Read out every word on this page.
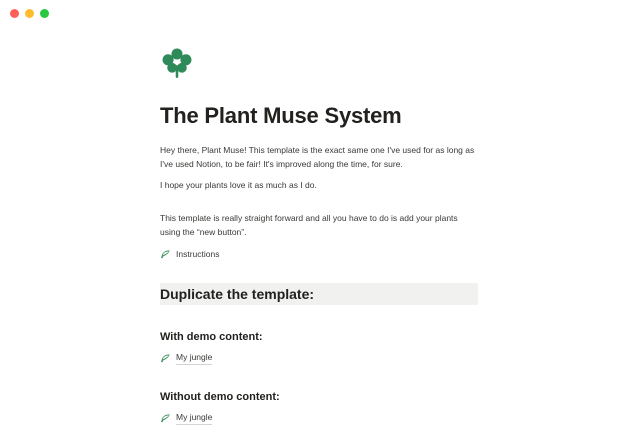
The Plant Muse System

Hey there, Plant Muse! This template is the exact same one I've used for as long as I've used Notion, to be fair! It's improved along the time, for sure.

I hope your plants love it as much as I do.

This template is really straight forward and all you have to do is add your plants using the “new button”.

Instructions
Duplicate the template:
With demo content:
My jungle
Without demo content:
My jungle
